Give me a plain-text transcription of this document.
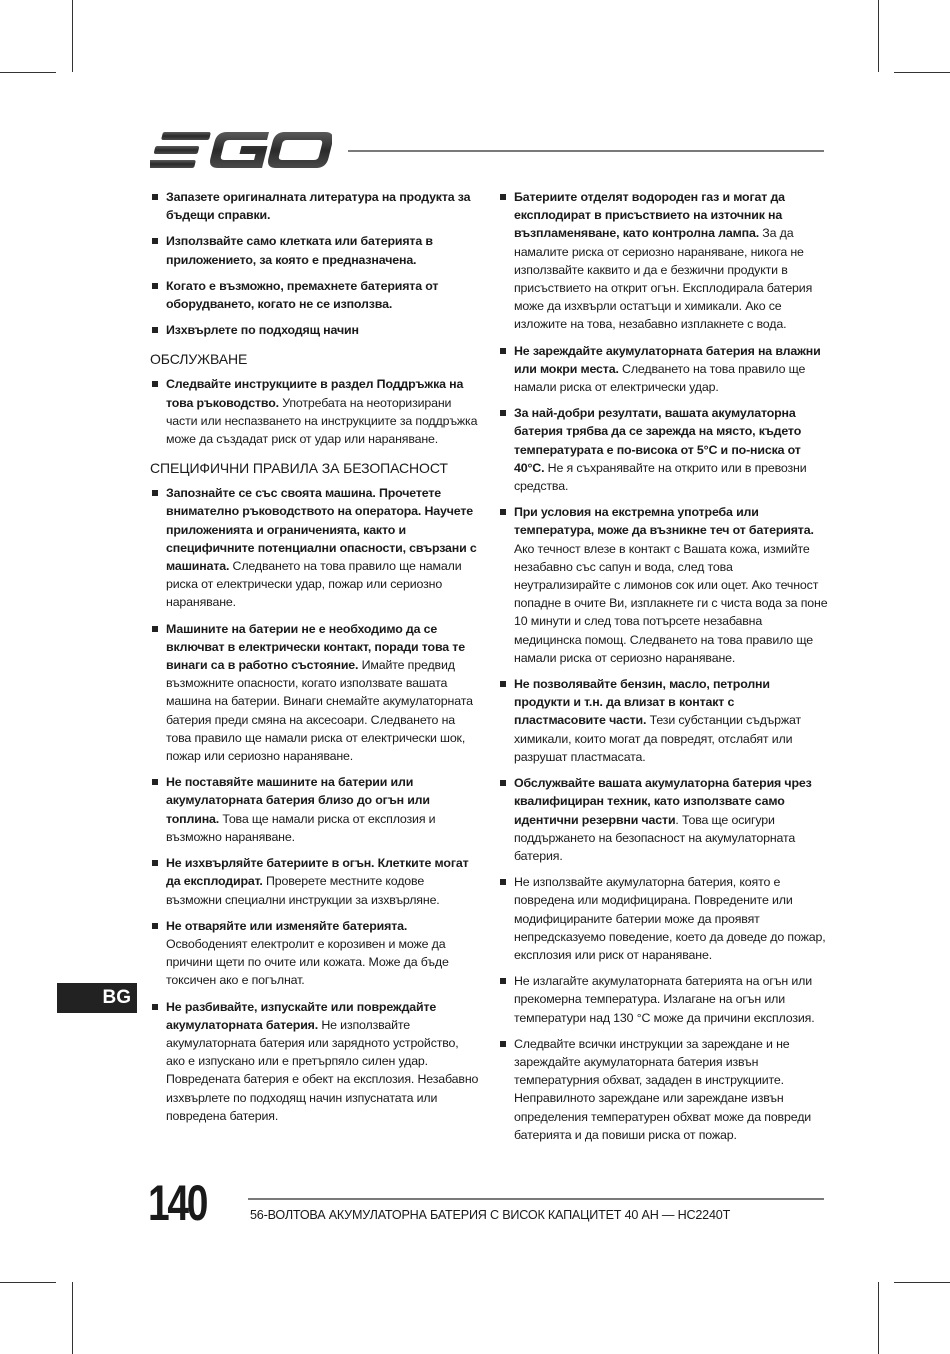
Запазете оригиналната литература на продукта за бъдещи справки.
Използвайте само клетката или батерията в приложението, за която е предназначена.
Когато е възможно, премахнете батерията от оборудването, когато не се използва.
Изхвърлете по подходящ начин
ОБСЛУЖВАНЕ
Следвайте инструкциите в раздел Поддръжка на това ръководство. Употребата на неоторизирани части или неспазването на инструкциите за поддръжка може да създадат риск от удар или нараняване.
СПЕЦИФИЧНИ ПРАВИЛА ЗА БЕЗОПАСНОСТ
Запознайте се със своята машина. Прочетете внимателно ръководството на оператора. Научете приложенията и ограниченията, както и специфичните потенциални опасности, свързани с машината. Следването на това правило ще намали риска от електрически удар, пожар или сериозно нараняване.
Машините на батерии не е необходимо да се включват в електрически контакт, поради това те винаги са в работно състояние. Имайте предвид възможните опасности, когато използвате вашата машина на батерии. Винаги снемайте акумулаторната батерия преди смяна на аксесоари. Следването на това правило ще намали риска от електрически шок, пожар или сериозно нараняване.
Не поставяйте машините на батерии или акумулаторната батерия близо до огън или топлина. Това ще намали риска от експлозия и възможно нараняване.
Не изхвърляйте батериите в огън. Клетките могат да експлодират. Проверете местните кодове възможни специални инструкции за изхвърляне.
Не отваряйте или изменяйте батерията. Освободеният електролит е корозивен и може да причини щети по очите или кожата. Може да бъде токсичен ако е погълнат.
Не разбивайте, изпускайте или повреждайте акумулаторната батерия. Не използвайте акумулаторната батерия или зарядното устройство, ако е изпускано или е претърпяло силен удар. Повредената батерия е обект на експлозия. Незабавно изхвърлете по подходящ начин изпуснатата или повредена батерия.
Батериите отделят водороден газ и могат да експлодират в присъствието на източник на възпламеняване, като контролна лампа. За да намалите риска от сериозно нараняване, никога не използвайте каквито и да е безжични продукти в присъствието на открит огън. Експлодирала батерия може да изхвърли остатъци и химикали. Ако се изложите на това, незабавно изплакнете с вода.
Не зареждайте акумулаторната батерия на влажни или мокри места. Следването на това правило ще намали риска от електрически удар.
За най-добри резултати, вашата акумулаторна батерия трябва да се зарежда на място, където температурата е по-висока от 5°C и по-ниска от 40°C. Не я съхранявайте на открито или в превозни средства.
При условия на екстремна употреба или температура, може да възникне теч от батерията. Ако течност влезе в контакт с Вашата кожа, измийте незабавно със сапун и вода, след това неутрализирайте с лимонов сок или оцет. Ако течност попадне в очите Ви, изплакнете ги с чиста вода за поне 10 минути и след това потърсете незабавна медицинска помощ. Следването на това правило ще намали риска от сериозно нараняване.
Не позволявайте бензин, масло, петролни продукти и т.н. да влизат в контакт с пластмасовите части. Тези субстанции съдържат химикали, които могат да повредят, отслабят или разрушат пластмасата.
Обслужвайте вашата акумулаторна батерия чрез квалифициран техник, като използвате само идентични резервни части. Това ще осигури поддържането на безопасност на акумулаторната батерия.
Не използвайте акумулаторна батерия, която е повредена или модифицирана. Повредените или модифицираните батерии може да проявят непредсказуемо поведение, което да доведе до пожар, експлозия или риск от нараняване.
Не излагайте акумулаторната батерията на огън или прекомерна температура. Излагане на огън или температури над 130 °C може да причини експлозия.
Следвайте всички инструкции за зареждане и не зареждайте акумулаторната батерия извън температурния обхват, зададен в инструкциите. Неправилното зареждане или зареждане извън определения температурен обхват може да повреди батерията и да повиши риска от пожар.
BG
140	56-ВОЛТОВА АКУМУЛАТОРНА БАТЕРИЯ С ВИСОК КАПАЦИТЕТ 40 AH — HC2240T
